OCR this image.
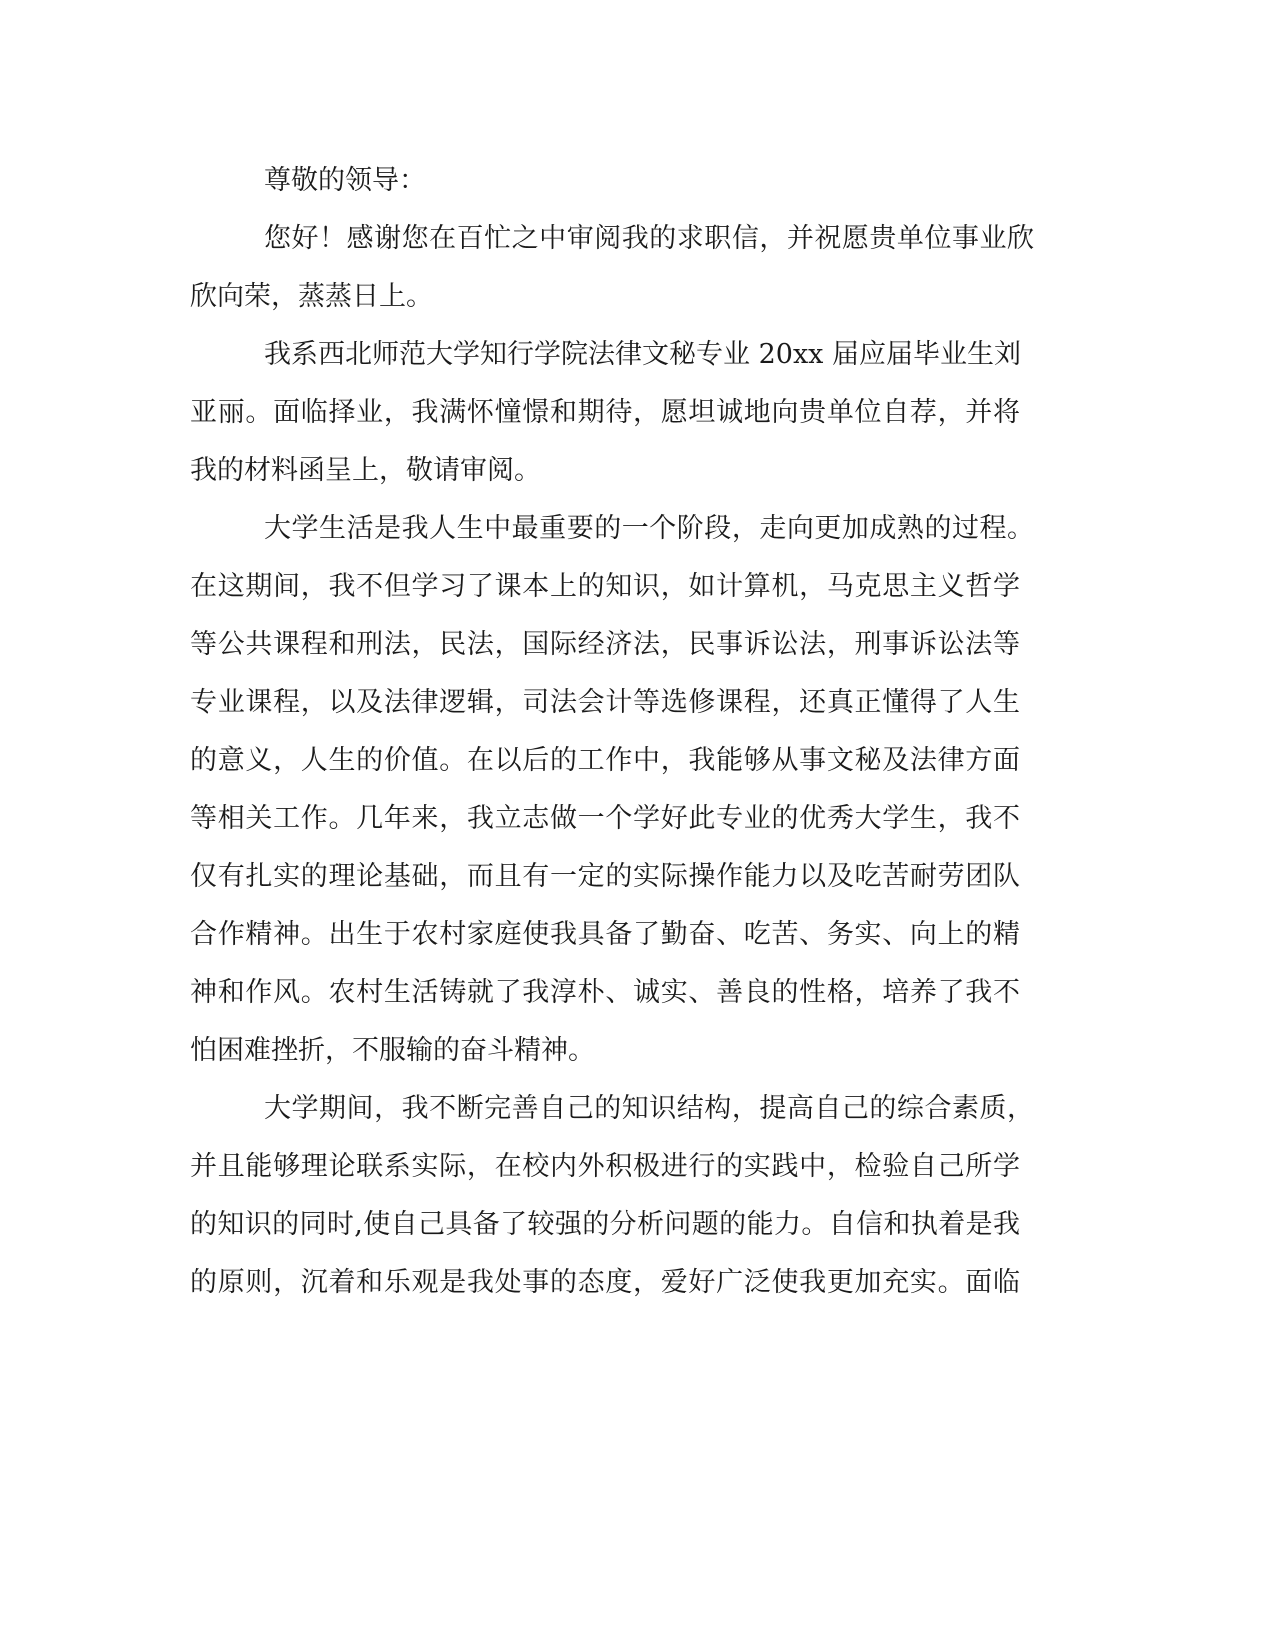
尊敬的领导：
您好！感谢您在百忙之中审阅我的求职信，并祝愿贵单位事业欣
欣向荣，蒸蒸日上。
我系西北师范大学知行学院法律文秘专业 20xx 届应届毕业生刘
亚丽。面临择业，我满怀憧憬和期待，愿坦诚地向贵单位自荐，并将
我的材料函呈上，敬请审阅。
大学生活是我人生中最重要的一个阶段，走向更加成熟的过程。
在这期间，我不但学习了课本上的知识，如计算机，马克思主义哲学
等公共课程和刑法，民法，国际经济法，民事诉讼法，刑事诉讼法等
专业课程，以及法律逻辑，司法会计等选修课程，还真正懂得了人生
的意义，人生的价值。在以后的工作中，我能够从事文秘及法律方面
等相关工作。几年来，我立志做一个学好此专业的优秀大学生，我不
仅有扎实的理论基础，而且有一定的实际操作能力以及吃苦耐劳团队
合作精神。出生于农村家庭使我具备了勤奋、吃苦、务实、向上的精
神和作风。农村生活铸就了我淳朴、诚实、善良的性格，培养了我不
怕困难挫折，不服输的奋斗精神。
大学期间，我不断完善自己的知识结构，提高自己的综合素质，
并且能够理论联系实际，在校内外积极进行的实践中，检验自己所学
的知识的同时,使自己具备了较强的分析问题的能力。自信和执着是我
的原则，沉着和乐观是我处事的态度，爱好广泛使我更加充实。面临
